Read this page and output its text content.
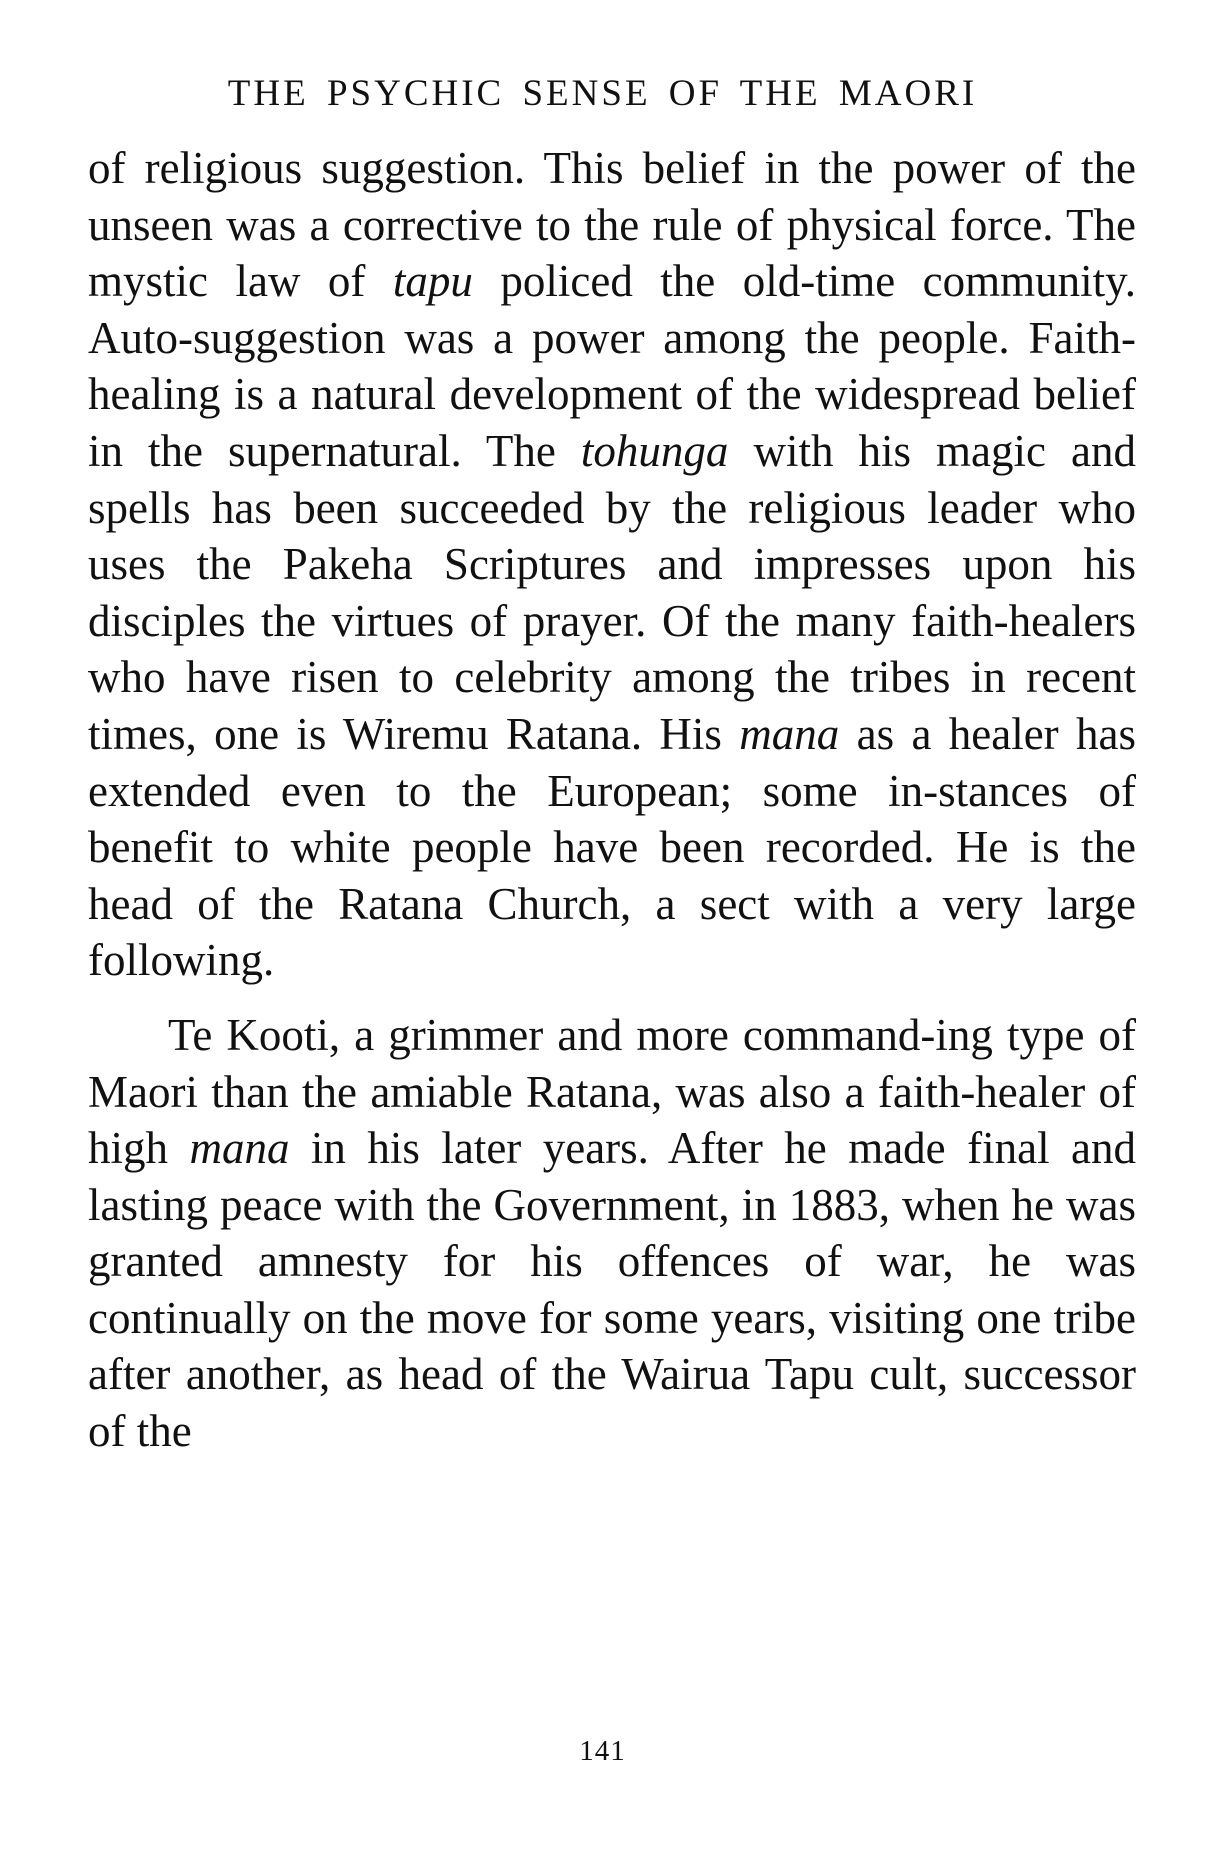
THE PSYCHIC SENSE OF THE MAORI

of religious suggestion. This belief in the power of the unseen was a corrective to the rule of physical force. The mystic law of tapu policed the old-time community. Auto-suggestion was a power among the people. Faith-healing is a natural development of the widespread belief in the supernatural. The tohunga with his magic and spells has been succeeded by the religious leader who uses the Pakeha Scriptures and impresses upon his disciples the virtues of prayer. Of the many faith-healers who have risen to celebrity among the tribes in recent times, one is Wiremu Ratana. His mana as a healer has extended even to the European; some in-stances of benefit to white people have been recorded. He is the head of the Ratana Church, a sect with a very large following.

Te Kooti, a grimmer and more command-ing type of Maori than the amiable Ratana, was also a faith-healer of high mana in his later years. After he made final and lasting peace with the Government, in 1883, when he was granted amnesty for his offences of war, he was continually on the move for some years, visiting one tribe after another, as head of the Wairua Tapu cult, successor of the

141
